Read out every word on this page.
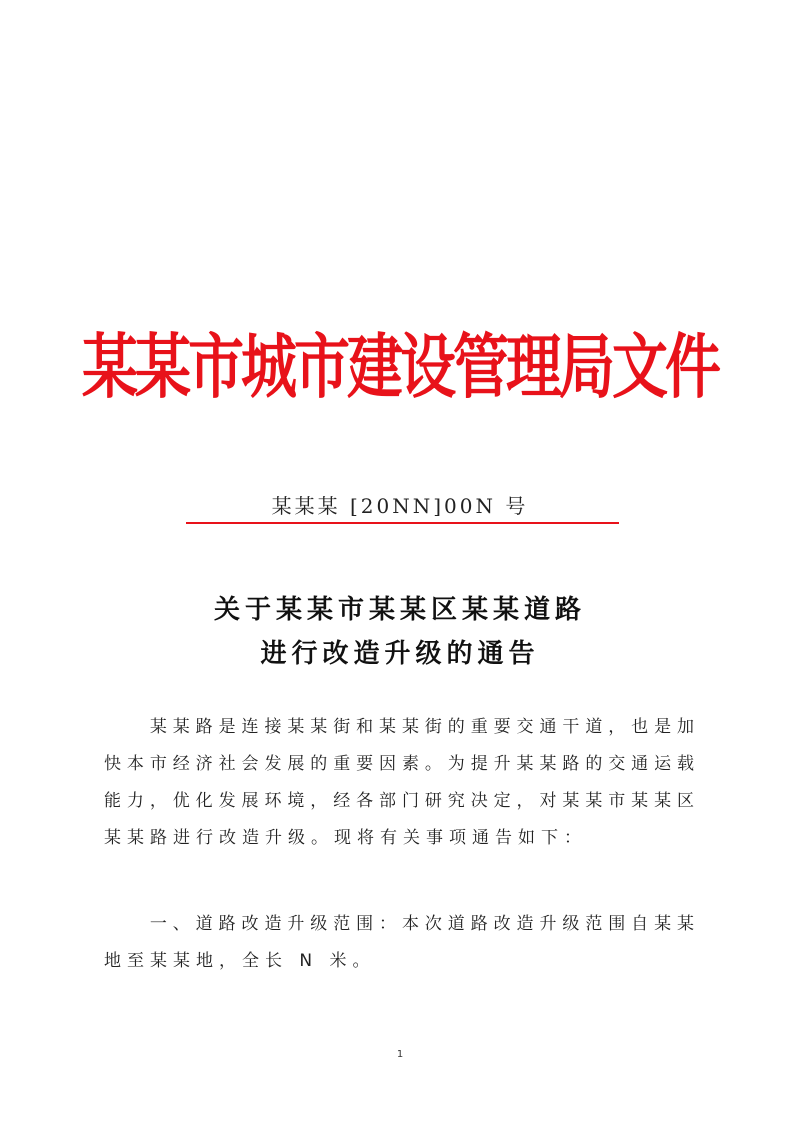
某某市城市建设管理局文件
某某某 [20NN]00N 号
关于某某市某某区某某道路
进行改造升级的通告
　　某某路是连接某某街和某某街的重要交通干道，也是加
快本市经济社会发展的重要因素。为提升某某路的交通运载
能力，优化发展环境，经各部门研究决定，对某某市某某区
某某路进行改造升级。现将有关事项通告如下：
　　一、道路改造升级范围：本次道路改造升级范围自某某
地至某某地，全长 N 米。
1
